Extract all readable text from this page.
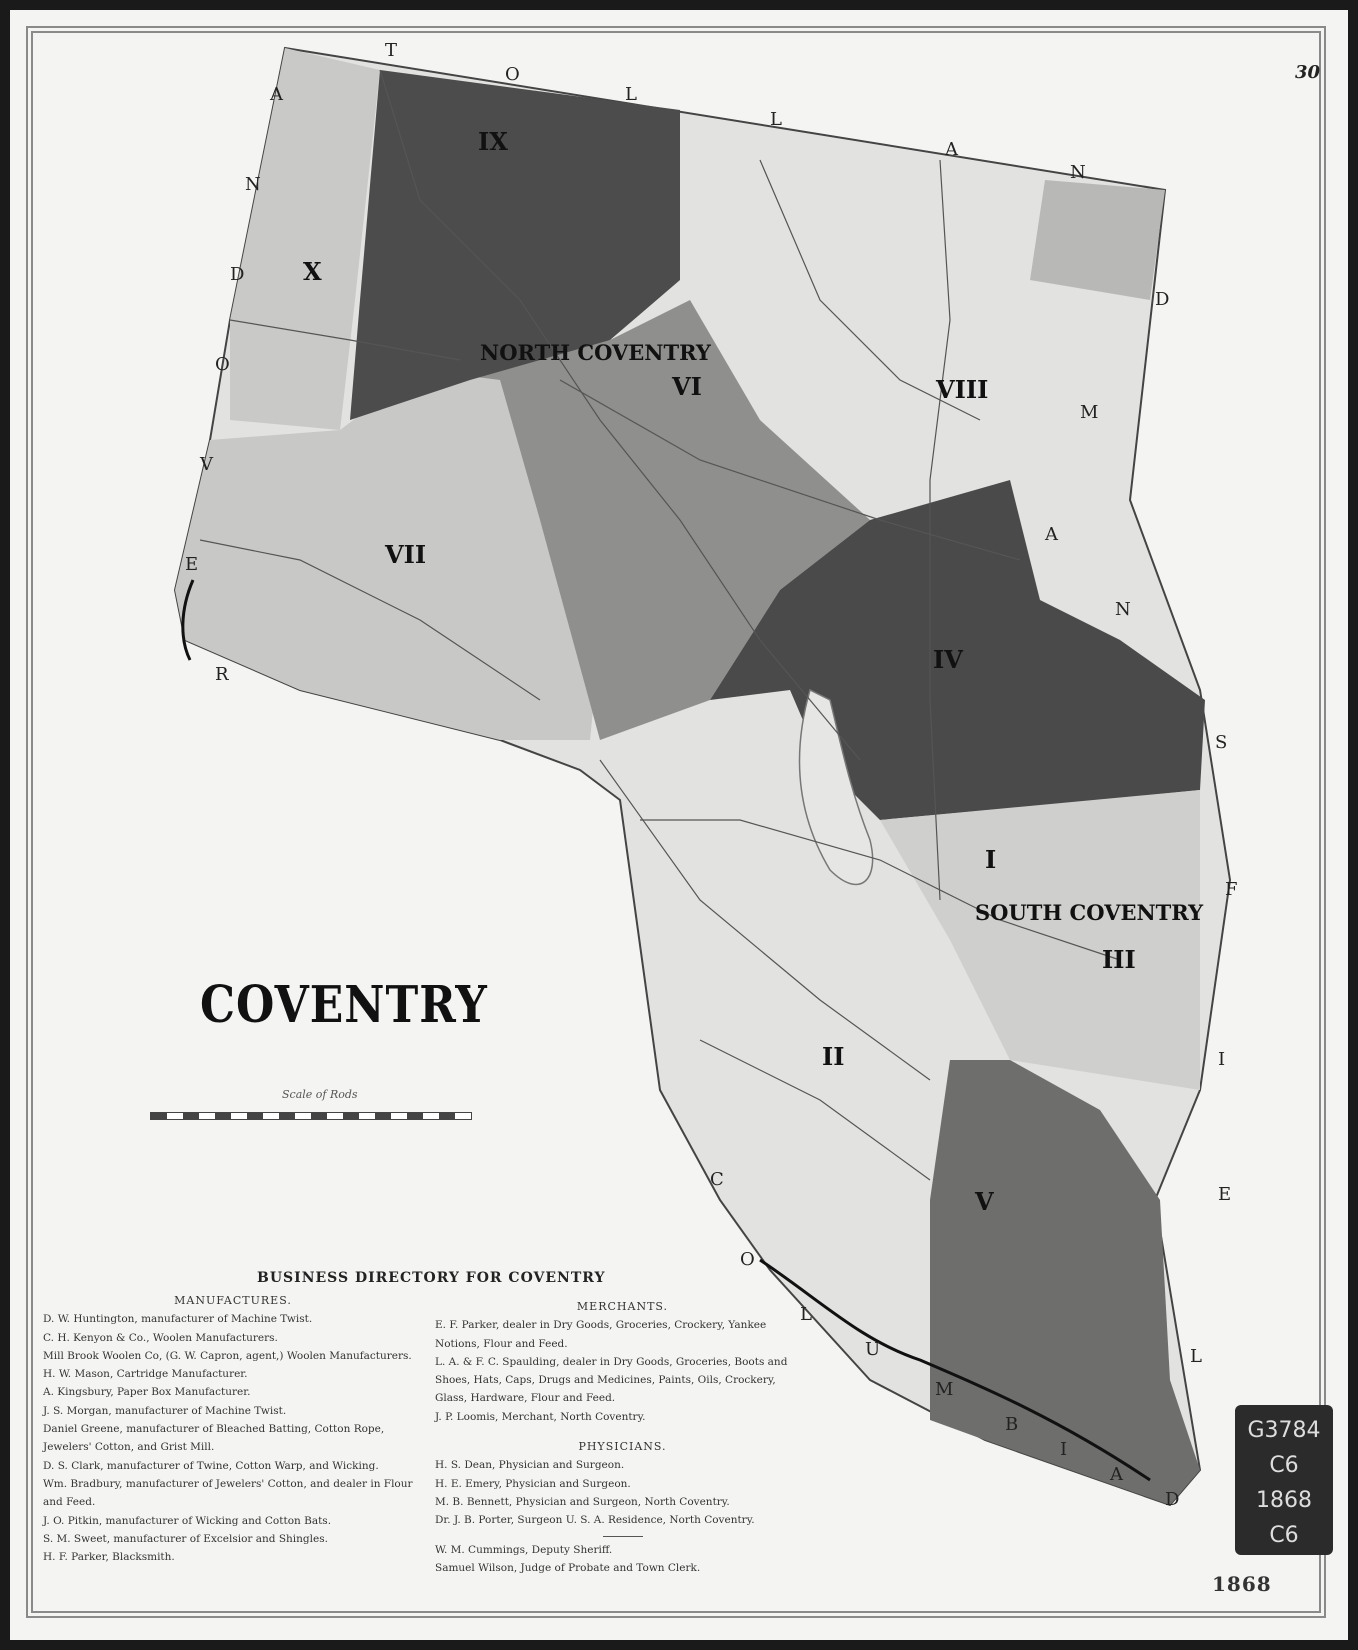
T
O
L
L
A
N
D
M
A
N
S
F
I
E
L
D
A
N
D
O
V
E
R
C
O
L
U
M
B
I
A
IX
X
VI	VIII
VII
IV
I
III
II
V
NORTH COVENTRY
SOUTH COVENTRY
30
COVENTRY
Scale of Rods
BUSINESS DIRECTORY FOR COVENTRY
MANUFACTURES.
D. W. Huntington, manufacturer of Machine Twist.
C. H. Kenyon & Co., Woolen Manufacturers.
Mill Brook Woolen Co, (G. W. Capron, agent,) Woolen Manufacturers.
H. W. Mason, Cartridge Manufacturer.
A. Kingsbury, Paper Box Manufacturer.
J. S. Morgan, manufacturer of Machine Twist.
Daniel Greene, manufacturer of Bleached Batting, Cotton Rope, Jewelers' Cotton, and Grist Mill.
D. S. Clark, manufacturer of Twine, Cotton Warp, and Wicking.
Wm. Bradbury, manufacturer of Jewelers' Cotton, and dealer in Flour and Feed.
J. O. Pitkin, manufacturer of Wicking and Cotton Bats.
S. M. Sweet, manufacturer of Excelsior and Shingles.
H. F. Parker, Blacksmith.
MERCHANTS.
E. F. Parker, dealer in Dry Goods, Groceries, Crockery, Yankee Notions, Flour and Feed.
L. A. & F. C. Spaulding, dealer in Dry Goods, Groceries, Boots and Shoes, Hats, Caps, Drugs and Medicines, Paints, Oils, Crockery, Glass, Hardware, Flour and Feed.
J. P. Loomis, Merchant, North Coventry.
PHYSICIANS.
H. S. Dean, Physician and Surgeon.
H. E. Emery, Physician and Surgeon.
M. B. Bennett, Physician and Surgeon, North Coventry.
Dr. J. B. Porter, Surgeon U. S. A. Residence, North Coventry.
W. M. Cummings, Deputy Sheriff.
Samuel Wilson, Judge of Probate and Town Clerk.
G3784
C6
1868
C6
1868
